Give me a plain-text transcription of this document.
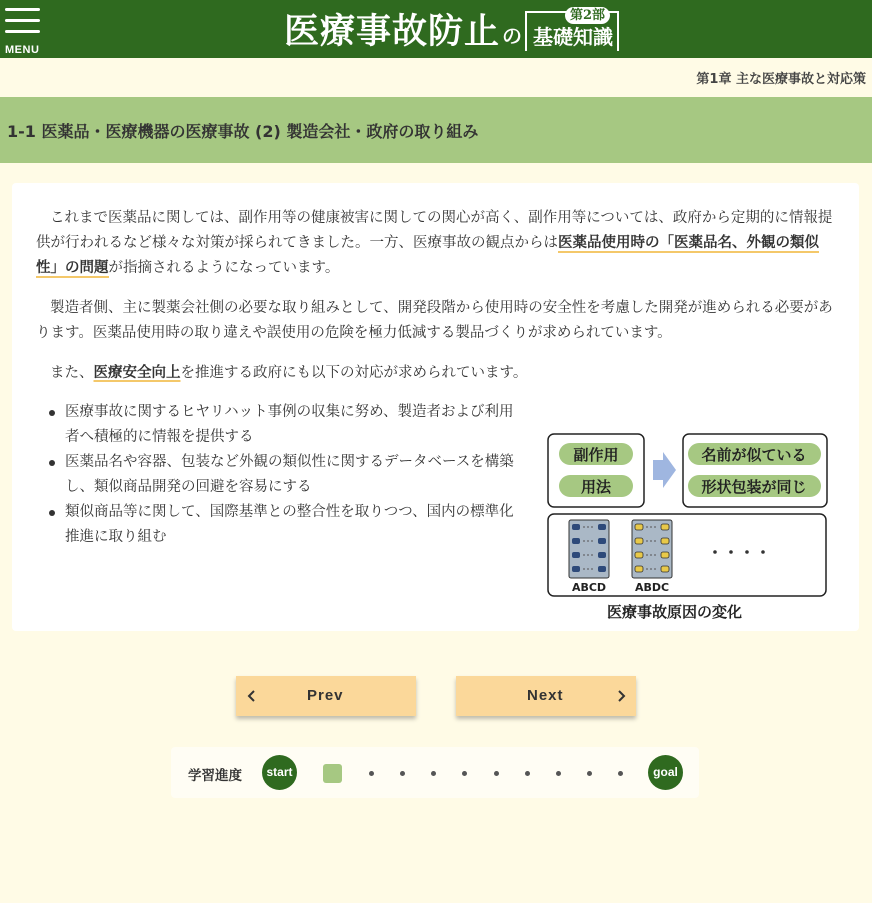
MENU	医療事故防止 の
第2部
基礎知識
第1章 主な医療事故と対応策
1-1 医薬品・医療機器の医療事故 (2) 製造会社・政府の取り組み

これまで医薬品に関しては、副作用等の健康被害に関しての関心が高く、副作用等については、政府から定期的に情報提供が行われるなど様々な対策が採られてきました。一方、医療事故の観点からは医薬品使用時の「医薬品名、外観の類似性」の問題が指摘されるようになっています。

製造者側、主に製薬会社側の必要な取り組みとして、開発段階から使用時の安全性を考慮した開発が進められる必要があります。医薬品使用時の取り違えや誤使用の危険を極力低減する製品づくりが求められています。

また、医療安全向上を推進する政府にも以下の対応が求められています。

医療事故に関するヒヤリハット事例の収集に努め、製造者および利用者へ積極的に情報を提供する
医薬品名や容器、包装など外観の類似性に関するデータベースを構築し、類似商品開発の回避を容易にする
類似商品等に関して、国際基準との整合性を取りつつ、国内の標準化推進に取り組む
副作用
用法
名前が似ている
形状包装が同じ
ABCD	ABDC
・・・・
医療事故原因の変化
Prev	Next
学習進度	start	goal
